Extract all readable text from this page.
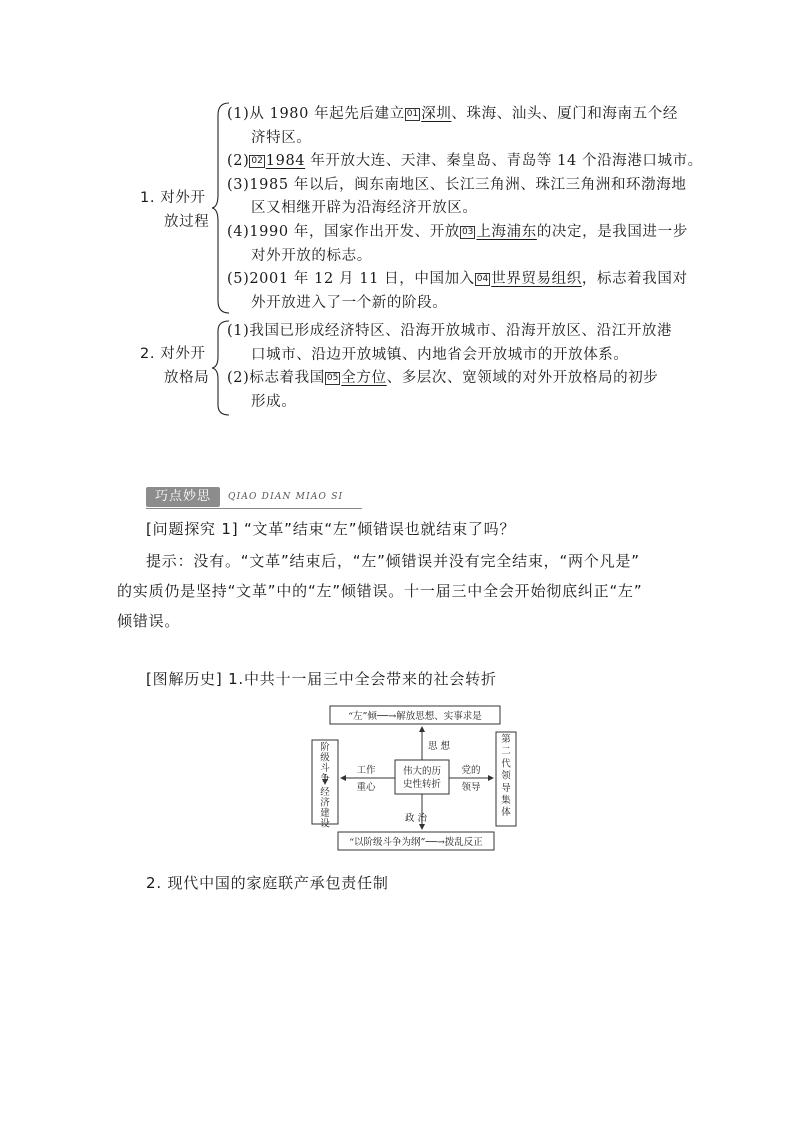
1. 对外开
放过程
(1)从 1980 年起先后建立 01 深圳、珠海、汕头、厦门和海南五个经
济特区。
(2) 02 1984 年开放大连、天津、秦皇岛、青岛等 14 个沿海港口城市。
(3)1985 年以后，闽东南地区、长江三角洲、珠江三角洲和环渤海地
区又相继开辟为沿海经济开放区。
(4)1990 年，国家作出开发、开放 03 上海浦东的决定，是我国进一步
对外开放的标志。
(5)2001 年 12 月 11 日，中国加入 04 世界贸易组织，标志着我国对
外开放进入了一个新的阶段。
2. 对外开
放格局
(1)我国已形成经济特区、沿海开放城市、沿海开放区、沿江开放港
口城市、沿边开放城镇、内地省会开放城市的开放体系。
(2)标志着我国 05 全方位、多层次、宽领域的对外开放格局的初步
形成。
巧点妙思	QIAO DIAN MIAO SI
[问题探究 1] “文革”结束“左”倾错误也就结束了吗？
提示：没有。“文革”结束后，“左”倾错误并没有完全结束，“两个凡是”
的实质仍是坚持“文革”中的“左”倾错误。十一届三中全会开始彻底纠正“左”
倾错误。
[图解历史] 1.中共十一届三中全会带来的社会转折
“左”倾──→解放思想、实事求是
“以阶级斗争为纲”──→拨乱反正
阶级斗争
经济建设
第二代领导集体
伟大的历
史性转折
思 想
政 治
工作
重心
党的
领导
2. 现代中国的家庭联产承包责任制
